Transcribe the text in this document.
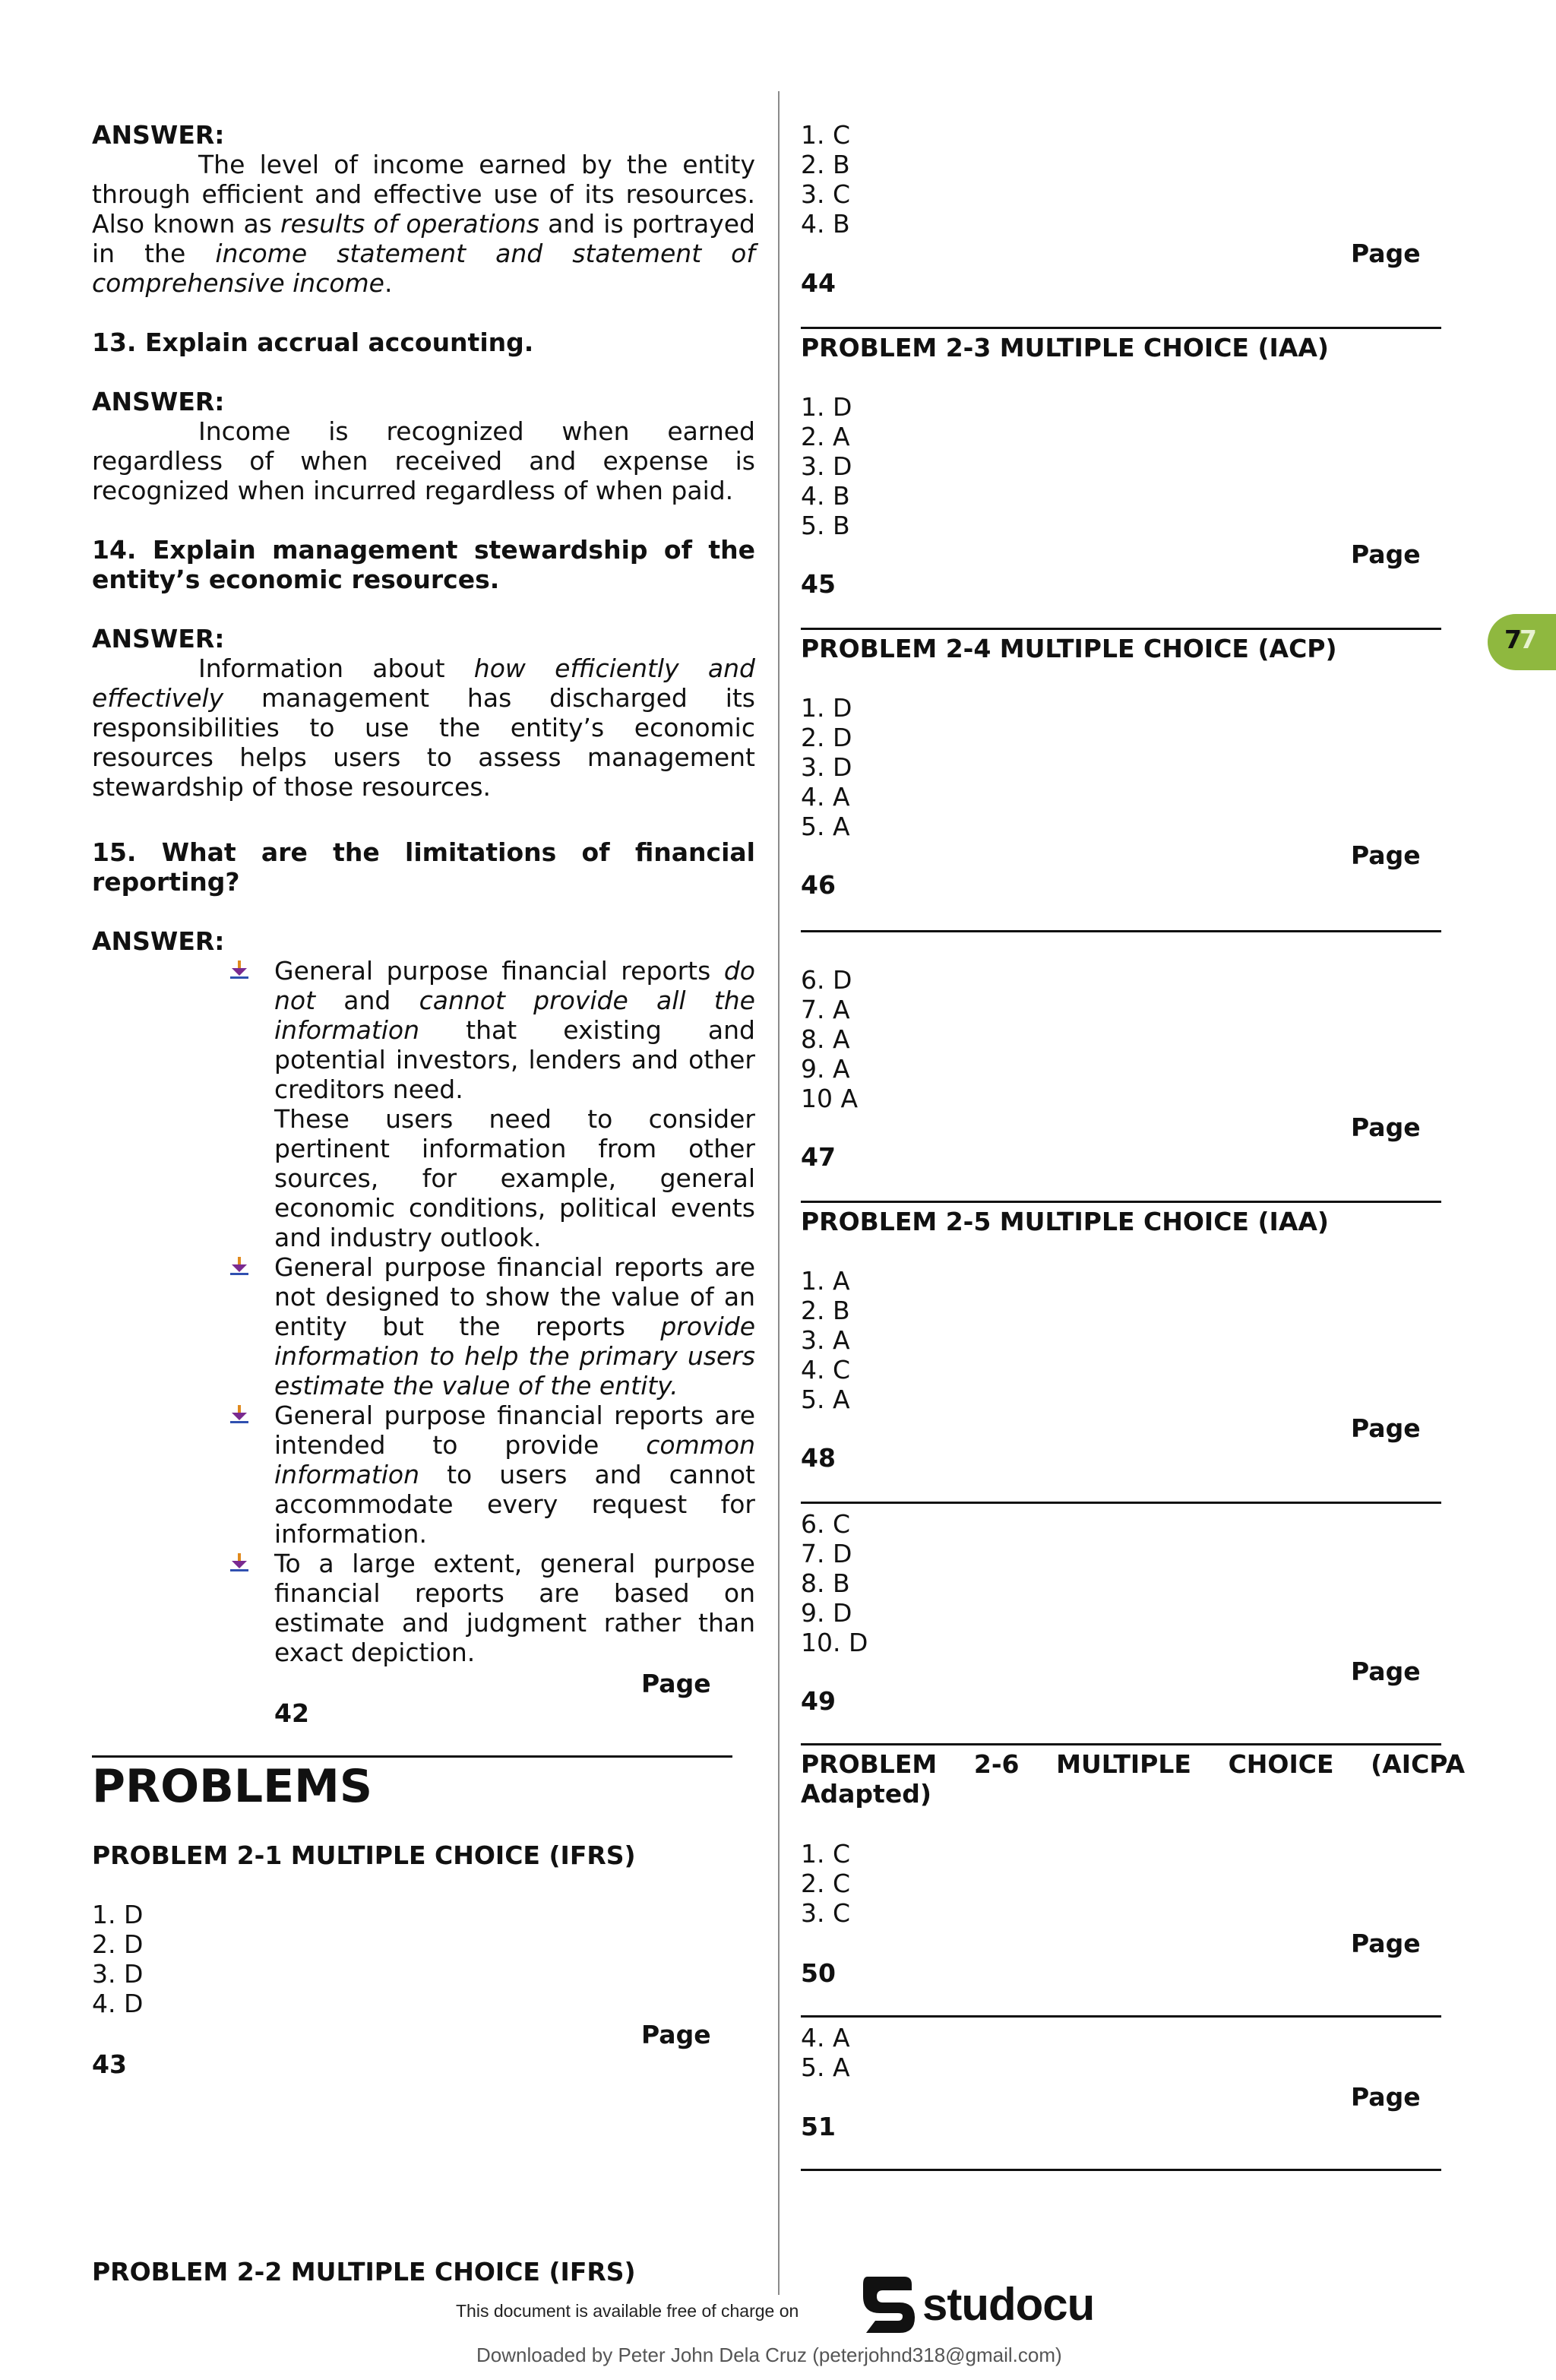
ANSWER:

The level of income earned by the entity through efficient and effective use of its resources. Also known as results of operations and is portrayed in the income statement and statement of comprehensive income.

13. Explain accrual accounting.

ANSWER:

Income is recognized when earned regardless of when received and expense is recognized when incurred regardless of when paid.

14. Explain management stewardship of the entity’s economic resources.

ANSWER:

Information about how efficiently and effectively management has discharged its responsibilities to use the entity’s economic resources helps users to assess management stewardship of those resources.

15. What are the limitations of financial reporting?

ANSWER:

General purpose financial reports do not and cannot provide all the information that existing and potential investors, lenders and other creditors need.
These users need to consider pertinent information from other sources, for example, general economic conditions, political events and industry outlook.
General purpose financial reports are not designed to show the value of an entity but the reports provide information to help the primary users estimate the value of the entity.
General purpose financial reports are intended to provide common information to users and cannot accommodate every request for information.
To a large extent, general purpose financial reports are based on estimate and judgment rather than exact depiction.
Page
42
PROBLEMS
PROBLEM 2-1 MULTIPLE CHOICE (IFRS)
1. D
2. D
3. D
4. D
Page
43
PROBLEM 2-2 MULTIPLE CHOICE (IFRS)
1. C
2. B
3. C
4. B
Page
44
PROBLEM 2-3 MULTIPLE CHOICE (IAA)
1. D
2. A
3. D
4. B
5. B
Page
45
PROBLEM 2-4 MULTIPLE CHOICE (ACP)
1. D
2. D
3. D
4. A
5. A
Page
46
6. D
7. A
8. A
9. A
10 A
Page
47
PROBLEM 2-5 MULTIPLE CHOICE (IAA)
1. A
2. B
3. A
4. C
5. A
Page
48
6. C
7. D
8. B
9. D
10. D
Page
49
PROBLEM 2-6 MULTIPLE CHOICE (AICPA Adapted)
1. C
2. C
3. C
Page
50
4. A
5. A
Page
51
7
7
This document is available free of charge on	studocu
Downloaded by Peter John Dela Cruz (peterjohnd318@gmail.com)
